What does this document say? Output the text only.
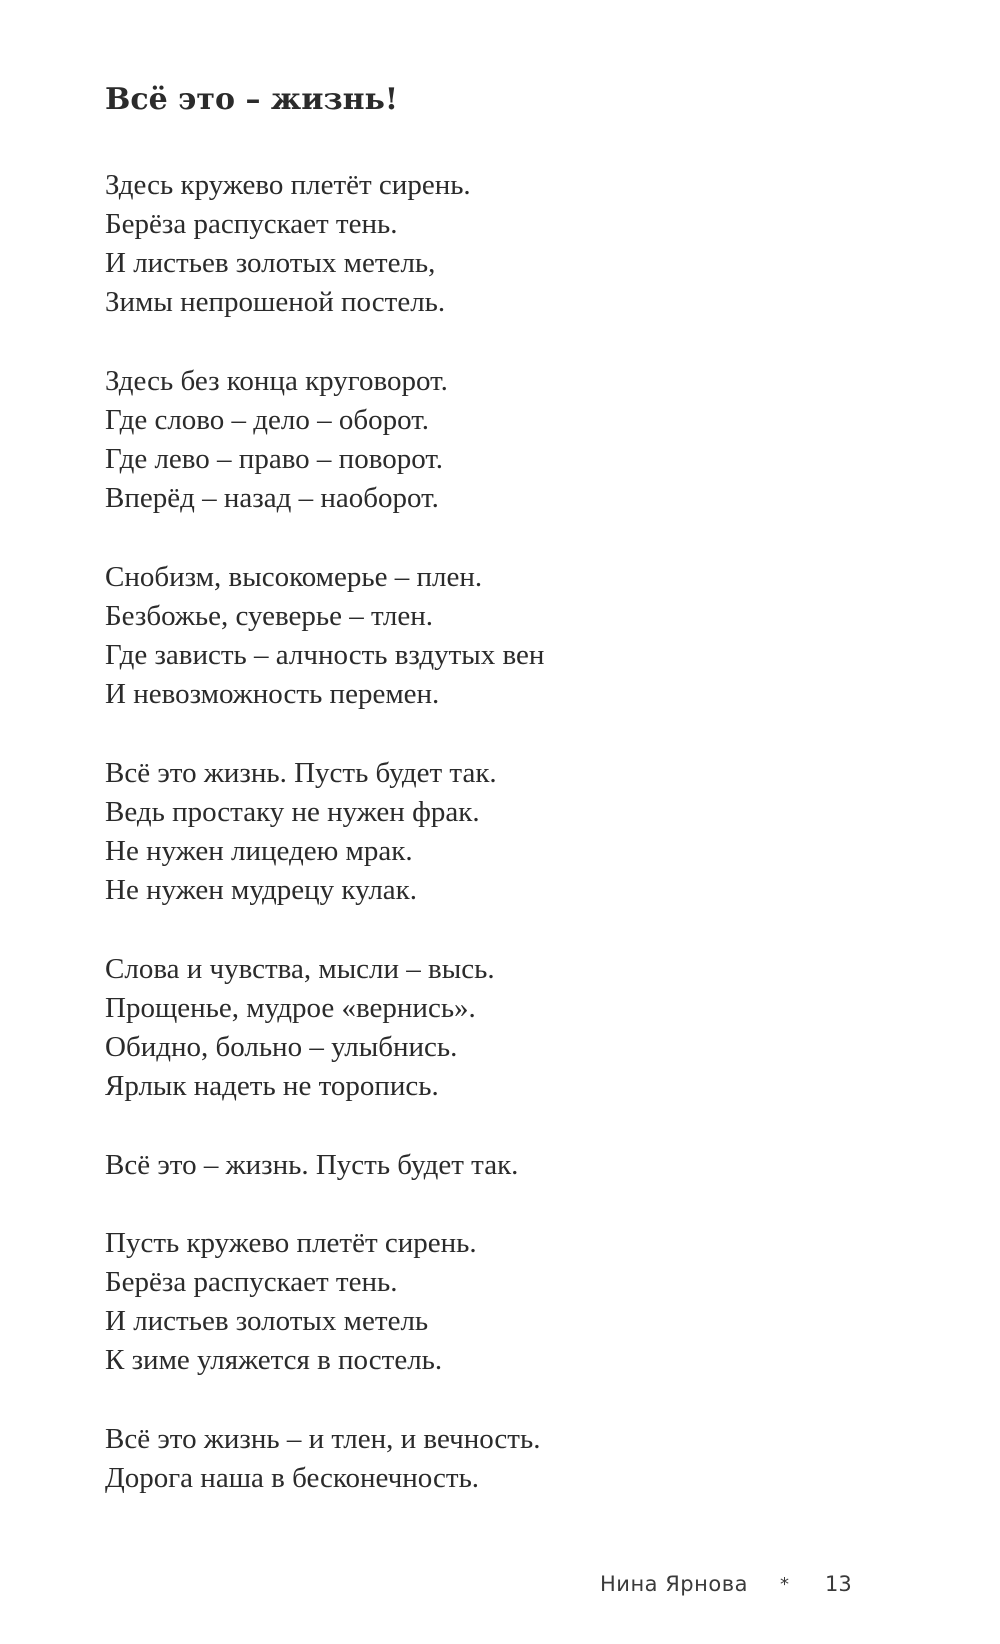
Всё это – жизнь!
Здесь кружево плетёт сирень.
Берёза распускает тень.
И листьев золотых метель,
Зимы непрошеной постель.
Здесь без конца круговорот.
Где слово – дело – оборот.
Где лево – право – поворот.
Вперёд – назад – наоборот.
Снобизм, высокомерье – плен.
Безбожье, суеверье – тлен.
Где зависть – алчность вздутых вен
И невозможность перемен.
Всё это жизнь. Пусть будет так.
Ведь простаку не нужен фрак.
Не нужен лицедею мрак.
Не нужен мудрецу кулак.
Слова и чувства, мысли – высь.
Прощенье, мудрое «вернись».
Обидно, больно – улыбнись.
Ярлык надеть не торопись.
Всё это – жизнь. Пусть будет так.
Пусть кружево плетёт сирень.
Берёза распускает тень.
И листьев золотых метель
К зиме уляжется в постель.
Всё это жизнь – и тлен, и вечность.
Дорога наша в бесконечность.
Нина Ярнова * 13
